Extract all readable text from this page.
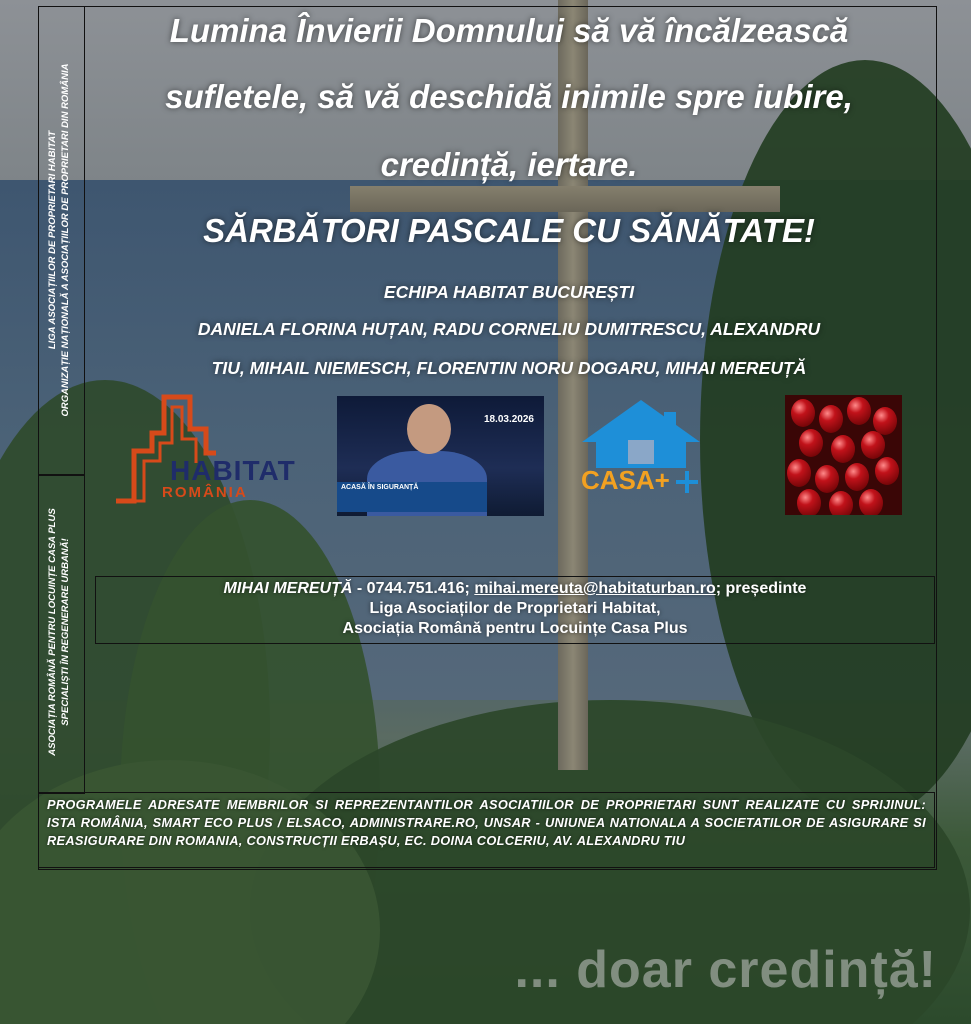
LIGA ASOCIAȚIILOR DE PROPRIETARI HABITAT ORGANIZAȚIE NAȚIONALĂ A ASOCIAȚIILOR DE PROPRIETARI DIN ROMÂNIA
ASOCIAȚIA ROMÂNĂ PENTRU LOCUINȚE CASA PLUS SPECIALIȘTI ÎN REGENERARE URBANĂ!
Lumina Învierii Domnului să vă încălzească
sufletele, să vă deschidă inimile spre iubire,
credință, iertare.
SĂRBĂTORI PASCALE CU SĂNĂTATE!
ECHIPA HABITAT BUCUREȘTI
DANIELA FLORINA HUȚAN, RADU CORNELIU DUMITRESCU, ALEXANDRU
TIU, MIHAIL NIEMESCH, FLORENTIN NORU DOGARU, MIHAI MEREUȚĂ
HABITAT
ROMÂNIA
18.03.2026
ACASĂ ÎN SIGURANȚĂ	CASA+
MIHAI MEREUȚĂ - 0744.751.416; mihai.mereuta@habitaturban.ro; președinte
Liga Asociaților de Proprietari Habitat,
Asociația Română pentru Locuințe Casa Plus
PROGRAMELE ADRESATE MEMBRILOR SI REPREZENTANTILOR ASOCIATIILOR DE PROPRIETARI SUNT REALIZATE CU SPRIJINUL: ISTA ROMÂNIA, SMART ECO PLUS / ELSACO, ADMINISTRARE.RO, UNSAR - UNIUNEA NATIONALA A SOCIETATILOR DE ASIGURARE SI REASIGURARE DIN ROMANIA, CONSTRUCȚII ERBAȘU, EC. DOINA COLCERIU, AV. ALEXANDRU TIU
... doar credință!
